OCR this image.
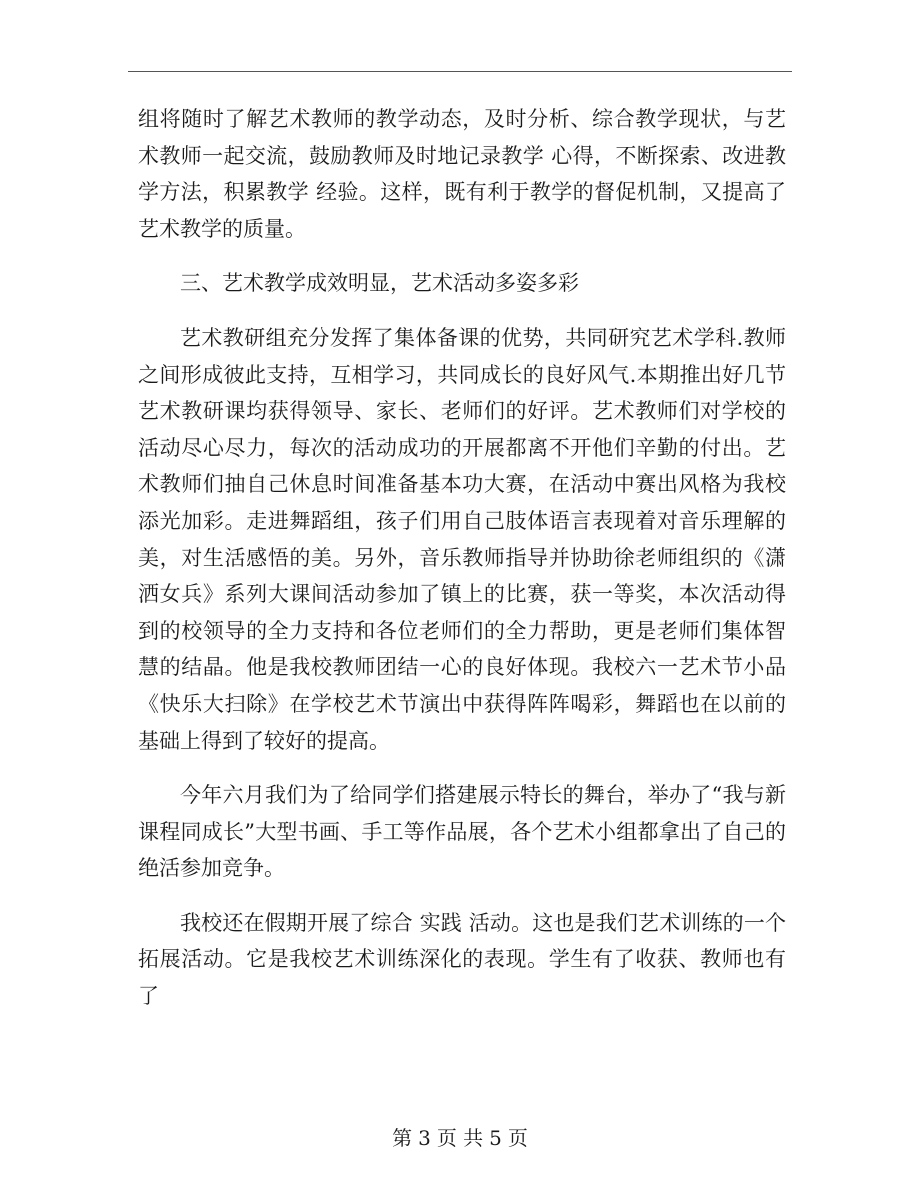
组将随时了解艺术教师的教学动态，及时分析、综合教学现状，与艺术教师一起交流，鼓励教师及时地记录教学 心得，不断探索、改进教学方法，积累教学 经验。这样，既有利于教学的督促机制，又提高了艺术教学的质量。

三、艺术教学成效明显，艺术活动多姿多彩

艺术教研组充分发挥了集体备课的优势，共同研究艺术学科.教师之间形成彼此支持，互相学习，共同成长的良好风气.本期推出好几节艺术教研课均获得领导、家长、老师们的好评。艺术教师们对学校的活动尽心尽力，每次的活动成功的开展都离不开他们辛勤的付出。艺术教师们抽自己休息时间准备基本功大赛，在活动中赛出风格为我校添光加彩。走进舞蹈组，孩子们用自己肢体语言表现着对音乐理解的美，对生活感悟的美。另外，音乐教师指导并协助徐老师组织的《潇洒女兵》系列大课间活动参加了镇上的比赛，获一等奖，本次活动得到的校领导的全力支持和各位老师们的全力帮助，更是老师们集体智慧的结晶。他是我校教师团结一心的良好体现。我校六一艺术节小品《快乐大扫除》在学校艺术节演出中获得阵阵喝彩，舞蹈也在以前的基础上得到了较好的提高。

今年六月我们为了给同学们搭建展示特长的舞台，举办了“我与新课程同成长”大型书画、手工等作品展，各个艺术小组都拿出了自己的绝活参加竞争。

我校还在假期开展了综合 实践 活动。这也是我们艺术训练的一个拓展活动。它是我校艺术训练深化的表现。学生有了收获、教师也有了

第 3 页 共 5 页
